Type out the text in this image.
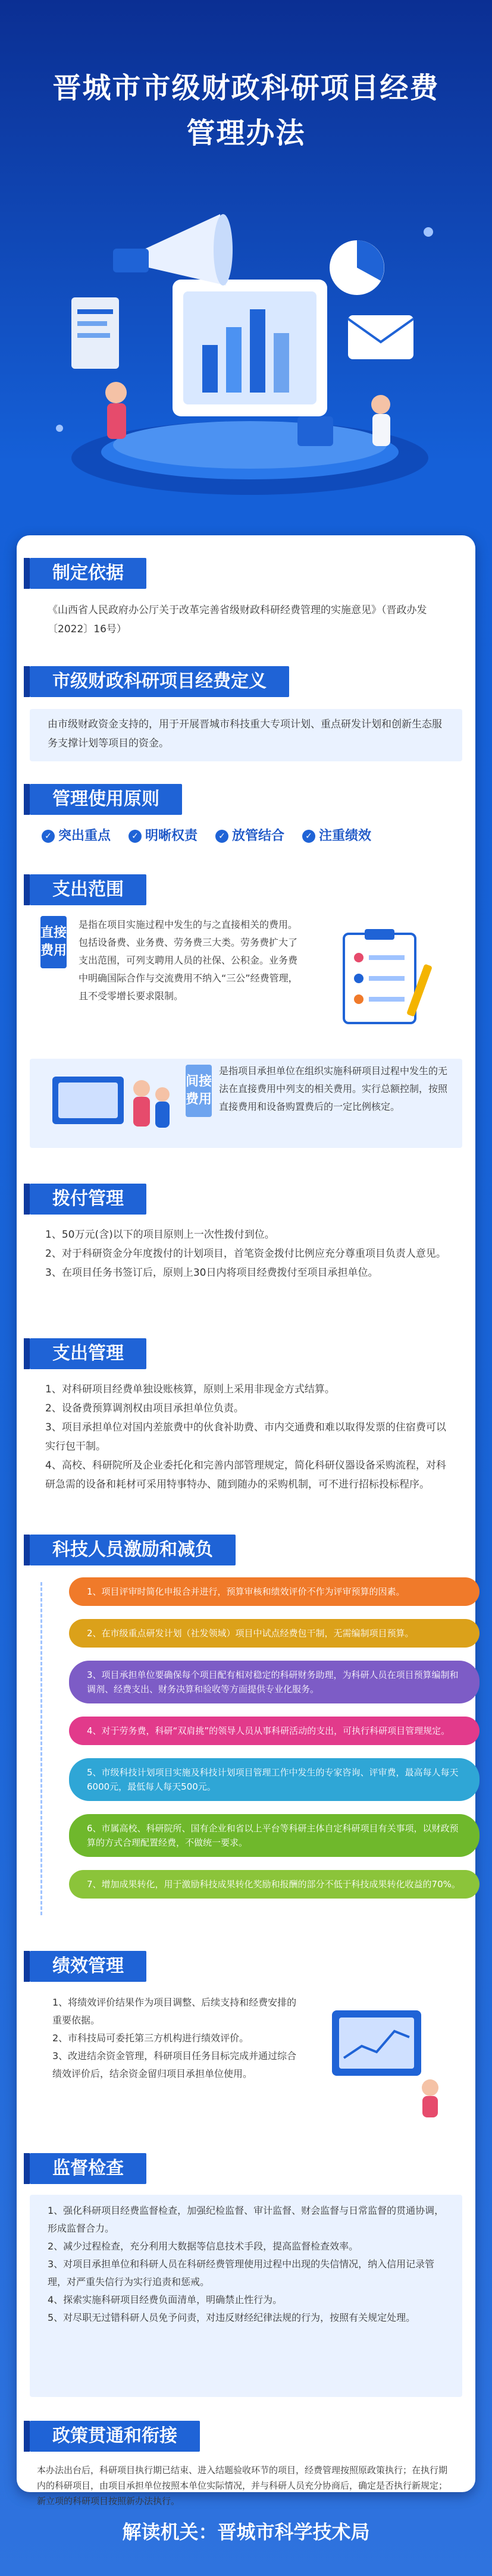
晋城市市级财政科研项目经费
管理办法
制定依据
《山西省人民政府办公厅关于改革完善省级财政科研经费管理的实施意见》（晋政办发〔2022〕16号）
市级财政科研项目经费定义
由市级财政资金支持的，用于开展晋城市科技重大专项计划、重点研发计划和创新生态服务支撑计划等项目的资金。
管理使用原则
✓ 突出重点	✓ 明晰权责	✓ 放管结合	✓ 注重绩效
支出范围
直接费用
是指在项目实施过程中发生的与之直接相关的费用。包括设备费、业务费、劳务费三大类。劳务费扩大了支出范围，可列支聘用人员的社保、公积金。业务费中明确国际合作与交流费用不纳入“三公”经费管理，且不受零增长要求限制。
间接费用
是指项目承担单位在组织实施科研项目过程中发生的无法在直接费用中列支的相关费用。实行总额控制，按照直接费用和设备购置费后的一定比例核定。
拨付管理
1、50万元(含)以下的项目原则上一次性拨付到位。
2、对于科研资金分年度拨付的计划项目，首笔资金拨付比例应充分尊重项目负责人意见。
3、在项目任务书签订后，原则上30日内将项目经费拨付至项目承担单位。
支出管理
1、对科研项目经费单独设账核算，原则上采用非现金方式结算。
2、设备费预算调剂权由项目承担单位负责。
3、项目承担单位对国内差旅费中的伙食补助费、市内交通费和难以取得发票的住宿费可以实行包干制。
4、高校、科研院所及企业委托化和完善内部管理规定，简化科研仪器设备采购流程，对科研急需的设备和耗材可采用特事特办、随到随办的采购机制，可不进行招标投标程序。
科技人员激励和减负
1、项目评审时简化申报合并进行，预算审核和绩效评价不作为评审预算的因素。
2、在市级重点研发计划（社发领域）项目中试点经费包干制，无需编制项目预算。
3、项目承担单位要确保每个项目配有相对稳定的科研财务助理，为科研人员在项目预算编制和调剂、经费支出、财务决算和验收等方面提供专业化服务。
4、对于劳务费，科研“双肩挑”的领导人员从事科研活动的支出，可执行科研项目管理规定。
5、市级科技计划项目实施及科技计划项目管理工作中发生的专家咨询、评审费，最高每人每天6000元，最低每人每天500元。
6、市属高校、科研院所、国有企业和省以上平台等科研主体自定科研项目有关事项，以财政预算的方式合理配置经费，不做统一要求。
7、增加成果转化，用于激励科技成果转化奖励和报酬的部分不低于科技成果转化收益的70%。
绩效管理
1、将绩效评价结果作为项目调整、后续支持和经费安排的重要依据。
2、市科技局可委托第三方机构进行绩效评价。
3、改进结余资金管理，科研项目任务目标完成并通过综合绩效评价后，结余资金留归项目承担单位使用。
监督检查
1、强化科研项目经费监督检查，加强纪检监督、审计监督、财会监督与日常监督的贯通协调，形成监督合力。
2、减少过程检查，充分利用大数据等信息技术手段，提高监督检查效率。
3、对项目承担单位和科研人员在科研经费管理使用过程中出现的失信情况，纳入信用记录管理，对严重失信行为实行追责和惩戒。
4、探索实施科研项目经费负面清单，明确禁止性行为。
5、对尽职无过错科研人员免予问责，对违反财经纪律法规的行为，按照有关规定处理。
政策贯通和衔接
本办法出台后，科研项目执行期已结束、进入结题验收环节的项目，经费管理按照原政策执行；在执行期内的科研项目，由项目承担单位按照本单位实际情况，并与科研人员充分协商后，确定是否执行新规定；新立项的科研项目按照新办法执行。
解读机关：晋城市科学技术局
